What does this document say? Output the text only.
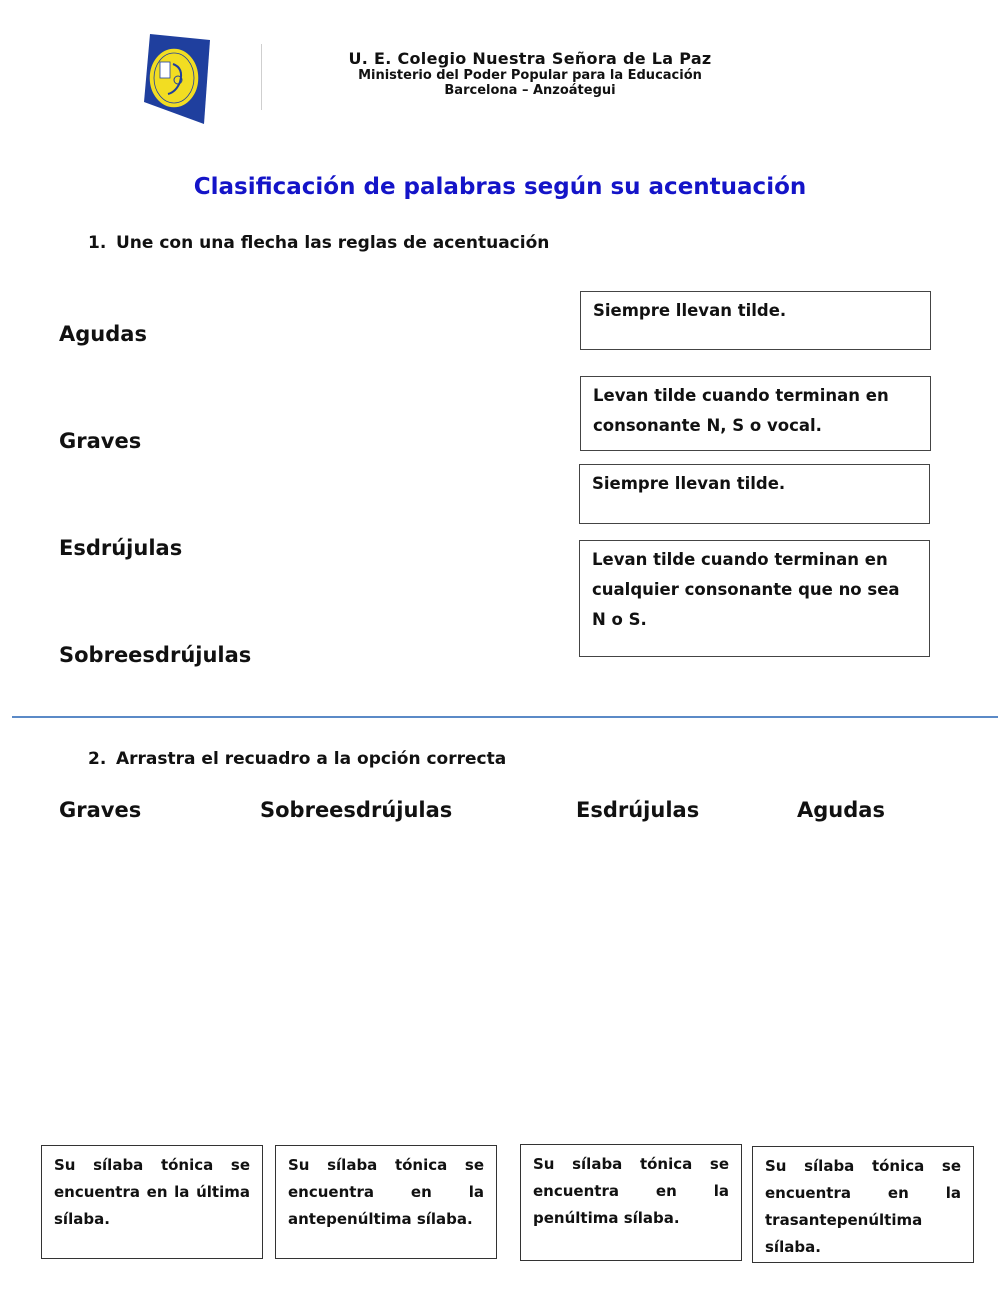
U. E. Colegio Nuestra Señora de La Paz
Ministerio del Poder Popular para la Educación
Barcelona – Anzoátegui
Clasificación de palabras según su acentuación
1. Une con una flecha las reglas de acentuación
Agudas
Graves
Esdrújulas
Sobreesdrújulas
Siempre llevan tilde.
Levan tilde cuando terminan en consonante N, S o vocal.
Siempre llevan tilde.
Levan tilde cuando terminan en cualquier consonante que no sea N o S.
2. Arrastra el recuadro a la opción correcta
Graves	Sobreesdrújulas	Esdrújulas	Agudas
Su sílaba tónica se encuentra en la última sílaba.
Su sílaba tónica se encuentra en la antepenúltima sílaba.
Su sílaba tónica se encuentra en la penúltima sílaba.
Su sílaba tónica se encuentra en la trasantepenúltima sílaba.
